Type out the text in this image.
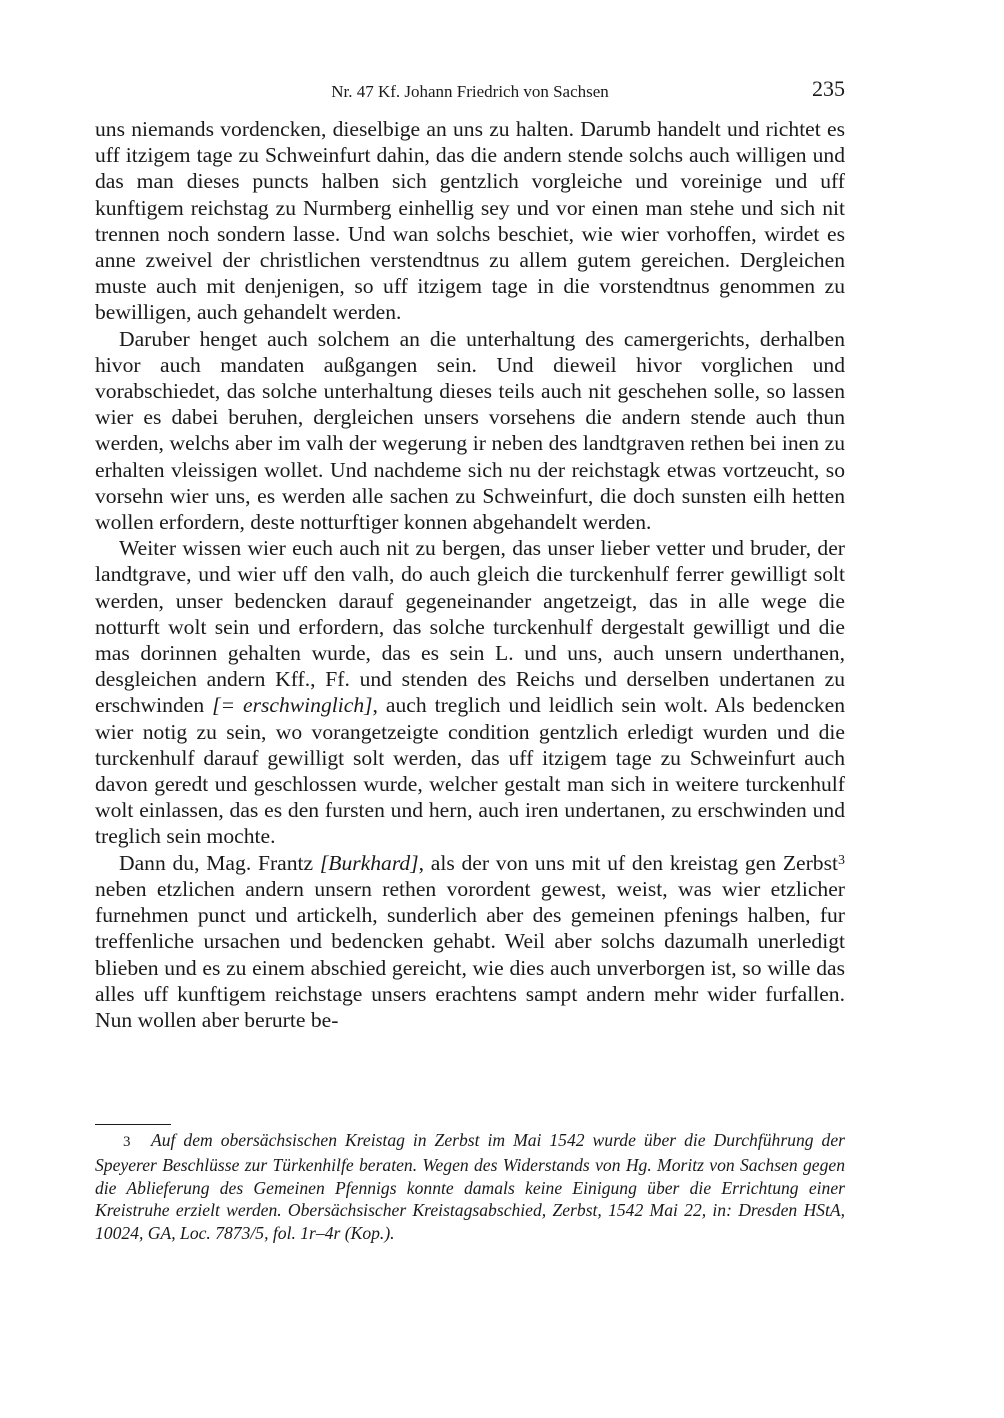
Nr. 47 Kf. Johann Friedrich von Sachsen	235

uns niemands vordencken, dieselbige an uns zu halten. Darumb handelt und richtet es uff itzigem tage zu Schweinfurt dahin, das die andern stende solchs auch willigen und das man dieses puncts halben sich gentzlich vorgleiche und voreinige und uff kunftigem reichstag zu Nurmberg einhellig sey und vor einen man stehe und sich nit trennen noch sondern lasse. Und wan solchs beschiet, wie wier vorhoffen, wirdet es anne zweivel der christlichen verstendtnus zu allem gutem gereichen. Dergleichen muste auch mit denjenigen, so uff itzigem tage in die vorstendtnus genommen zu bewilligen, auch gehandelt werden.

Daruber henget auch solchem an die unterhaltung des camergerichts, derhalben hivor auch mandaten außgangen sein. Und dieweil hivor vorglichen und vorabschiedet, das solche unterhaltung dieses teils auch nit geschehen solle, so lassen wier es dabei beruhen, dergleichen unsers vorsehens die andern stende auch thun werden, welchs aber im valh der wegerung ir neben des landtgraven rethen bei inen zu erhalten vleissigen wollet. Und nachdeme sich nu der reichstagk etwas vortzeucht, so vorsehn wier uns, es werden alle sachen zu Schweinfurt, die doch sunsten eilh hetten wollen erfordern, deste notturftiger konnen abgehandelt werden.

Weiter wissen wier euch auch nit zu bergen, das unser lieber vetter und bruder, der landtgrave, und wier uff den valh, do auch gleich die turckenhulf ferrer gewilligt solt werden, unser bedencken darauf gegeneinander angetzeigt, das in alle wege die notturft wolt sein und erfordern, das solche turckenhulf dergestalt gewilligt und die mas dorinnen gehalten wurde, das es sein L. und uns, auch unsern underthanen, desgleichen andern Kff., Ff. und stenden des Reichs und derselben undertanen zu erschwinden [= erschwinglich], auch treglich und leidlich sein wolt. Als bedencken wier notig zu sein, wo vorangetzeigte condition gentzlich erledigt wurden und die turckenhulf darauf gewilligt solt werden, das uff itzigem tage zu Schweinfurt auch davon geredt und geschlossen wurde, welcher gestalt man sich in weitere turckenhulf wolt einlassen, das es den fursten und hern, auch iren undertanen, zu erschwinden und treglich sein mochte.

Dann du, Mag. Frantz [Burkhard], als der von uns mit uf den kreistag gen Zerbst$^3$ neben etzlichen andern unsern rethen vorordent gewest, weist, was wier etzlicher furnehmen punct und artickelh, sunderlich aber des gemeinen pfenings halben, fur treffenliche ursachen und bedencken gehabt. Weil aber solchs dazumalh unerledigt blieben und es zu einem abschied gereicht, wie dies auch unverborgen ist, so wille das alles uff kunftigem reichstage unsers erachtens sampt andern mehr wider furfallen. Nun wollen aber berurte be-

3 Auf dem obersächsischen Kreistag in Zerbst im Mai 1542 wurde über die Durchführung der Speyerer Beschlüsse zur Türkenhilfe beraten. Wegen des Widerstands von Hg. Moritz von Sachsen gegen die Ablieferung des Gemeinen Pfennigs konnte damals keine Einigung über die Errichtung einer Kreistruhe erzielt werden. Obersächsischer Kreistagsabschied, Zerbst, 1542 Mai 22, in: Dresden HStA, 10024, GA, Loc. 7873/5, fol. 1r–4r (Kop.).
